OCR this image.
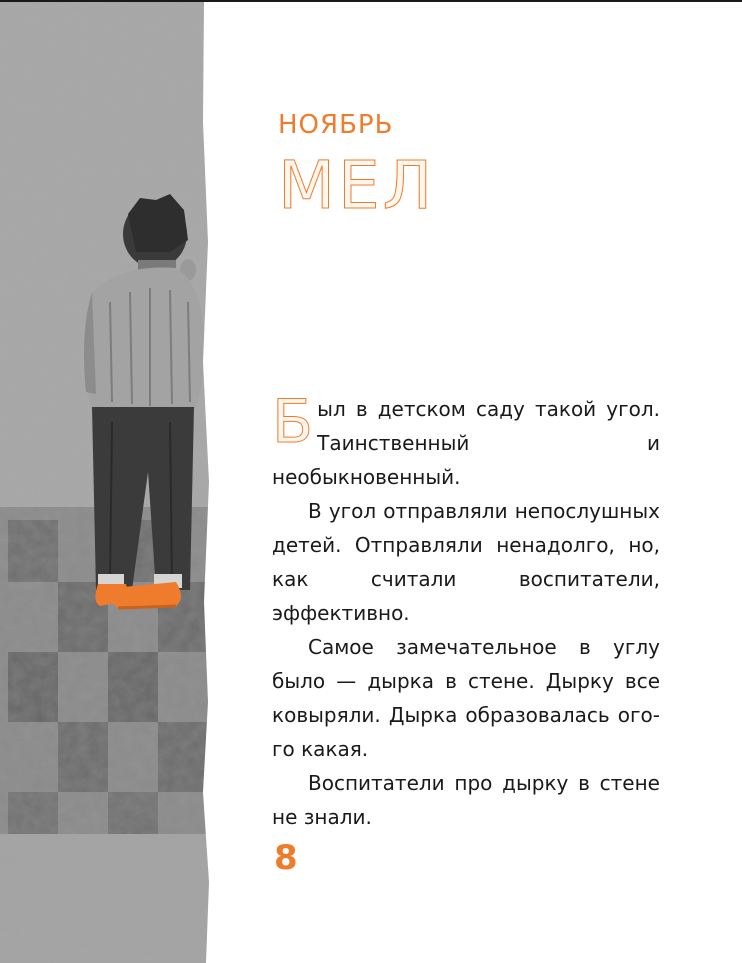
НОЯБРЬ
МЕЛ

Был в детском саду такой угол. Таинственный и необыкновенный.

В угол отправляли непослушных детей. Отправляли ненадолго, но, как считали воспитатели, эффективно.

Самое замечательное в углу было — дырка в стене. Дырку все ковыряли. Дырка образовалась ого-го какая.

Воспитатели про дырку в стене не знали.

8
